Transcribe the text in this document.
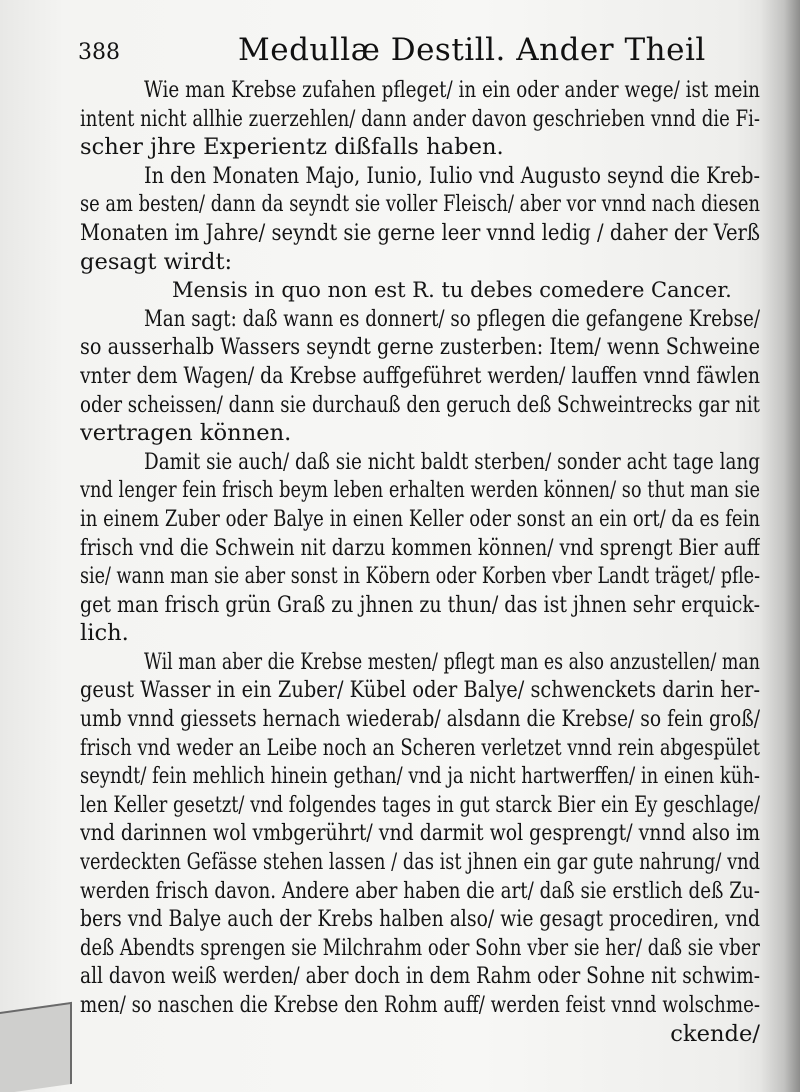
388	Medullæ Destill. Ander Theil
Wie man Krebse zufahen pfleget/ in ein oder ander wege/ ist mein
intent nicht allhie zuerzehlen/ dann ander davon geschrieben vnnd die Fi-
scher jhre Experientz dißfalls haben.
In den Monaten Majo, Iunio, Iulio vnd Augusto seynd die Kreb-
se am besten/ dann da seyndt sie voller Fleisch/ aber vor vnnd nach diesen
Monaten im Jahre/ seyndt sie gerne leer vnnd ledig / daher der Verß
gesagt wirdt:
Mensis in quo non est R. tu debes comedere Cancer.
Man sagt: daß wann es donnert/ so pflegen die gefangene Krebse/
so ausserhalb Wassers seyndt gerne zusterben: Item/ wenn Schweine
vnter dem Wagen/ da Krebse auffgeführet werden/ lauffen vnnd fäwlen
oder scheissen/ dann sie durchauß den geruch deß Schweintrecks gar nit
vertragen können.
Damit sie auch/ daß sie nicht baldt sterben/ sonder acht tage lang
vnd lenger fein frisch beym leben erhalten werden können/ so thut man sie
in einem Zuber oder Balye in einen Keller oder sonst an ein ort/ da es fein
frisch vnd die Schwein nit darzu kommen können/ vnd sprengt Bier auff
sie/ wann man sie aber sonst in Köbern oder Korben vber Landt träget/ pfle-
get man frisch grün Graß zu jhnen zu thun/ das ist jhnen sehr erquick-
lich.
Wil man aber die Krebse mesten/ pflegt man es also anzustellen/ man
geust Wasser in ein Zuber/ Kübel oder Balye/ schwenckets darin her-
umb vnnd giessets hernach wiederab/ alsdann die Krebse/ so fein groß/
frisch vnd weder an Leibe noch an Scheren verletzet vnnd rein abgespület
seyndt/ fein mehlich hinein gethan/ vnd ja nicht hartwerffen/ in einen küh-
len Keller gesetzt/ vnd folgendes tages in gut starck Bier ein Ey geschlage/
vnd darinnen wol vmbgerührt/ vnd darmit wol gesprengt/ vnnd also im
verdeckten Gefässe stehen lassen / das ist jhnen ein gar gute nahrung/ vnd
werden frisch davon. Andere aber haben die art/ daß sie erstlich deß Zu-
bers vnd Balye auch der Krebs halben also/ wie gesagt procediren, vnd
deß Abendts sprengen sie Milchrahm oder Sohn vber sie her/ daß sie vber
all davon weiß werden/ aber doch in dem Rahm oder Sohne nit schwim-
men/ so naschen die Krebse den Rohm auff/ werden feist vnnd wolschme-
ckende/
